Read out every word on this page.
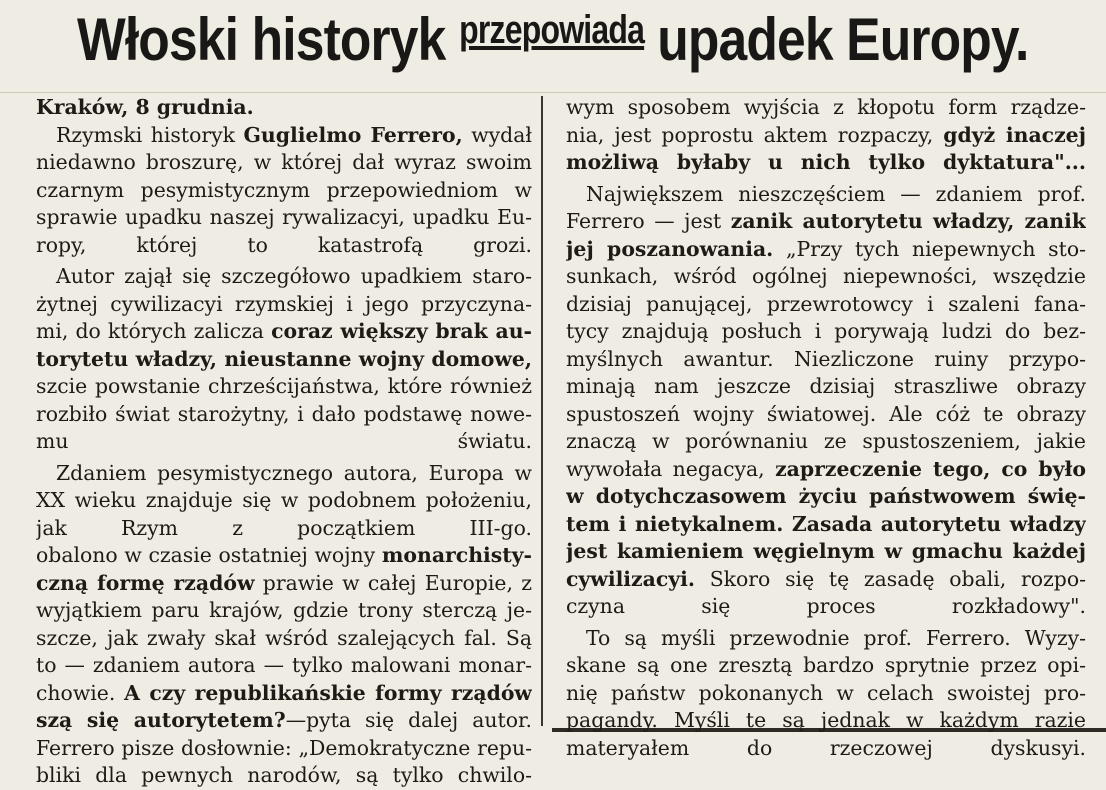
Włoski historyk przepowiada upadek Europy.
Kraków, 8 grudnia.
Rzymski historyk Guglielmo Ferrero, wydał
niedawno broszurę, w której dał wyraz swoim
czarnym pesymistycznym przepowiedniom w
sprawie upadku naszej rywalizacyi, upadku Eu-
ropy, której to katastrofą grozi.
Autor zajął się szczegółowo upadkiem staro-
żytnej cywilizacyi rzymskiej i jego przyczyna-
mi, do których zalicza coraz większy brak au-
torytetu władzy, nieustanne wojny domowe,
szcie powstanie chrześcijaństwa, które również
rozbiło świat starożytny, i dało podstawę nowe-
mu światu.
Zdaniem pesymistycznego autora, Europa w
XX wieku znajduje się w podobnem położeniu,
jak Rzym z początkiem III-go.
obalono w czasie ostatniej wojny monarchisty-
czną formę rządów prawie w całej Europie, z
wyjątkiem paru krajów, gdzie trony sterczą je-
szcze, jak zwały skał wśród szalejących fal. Są
to — zdaniem autora — tylko malowani monar-
chowie. A czy republikańskie formy rządów
szą się autorytetem?—pyta się dalej autor.
Ferrero pisze dosłownie: „Demokratyczne repu-
bliki dla pewnych narodów, są tylko chwilo-
wym sposobem wyjścia z kłopotu form rządze-
nia, jest poprostu aktem rozpaczy, gdyż inaczej
możliwą byłaby u nich tylko dyktatura"...
Największem nieszczęściem — zdaniem prof.
Ferrero — jest zanik autorytetu władzy, zanik
jej poszanowania. „Przy tych niepewnych sto-
sunkach, wśród ogólnej niepewności, wszędzie
dzisiaj panującej, przewrotowcy i szaleni fana-
tycy znajdują posłuch i porywają ludzi do bez-
myślnych awantur. Niezliczone ruiny przypo-
minają nam jeszcze dzisiaj straszliwe obrazy
spustoszeń wojny światowej. Ale cóż te obrazy
znaczą w porównaniu ze spustoszeniem, jakie
wywołała negacya, zaprzeczenie tego, co było
w dotychczasowem życiu państwowem świę-
tem i nietykalnem. Zasada autorytetu władzy
jest kamieniem węgielnym w gmachu każdej
cywilizacyi. Skoro się tę zasadę obali, rozpo-
czyna się proces rozkładowy".
To są myśli przewodnie prof. Ferrero. Wyzy-
skane są one zresztą bardzo sprytnie przez opi-
nię państw pokonanych w celach swoistej pro-
pagandy. Myśli te są jednak w każdym razie
materyałem do rzeczowej dyskusyi.
